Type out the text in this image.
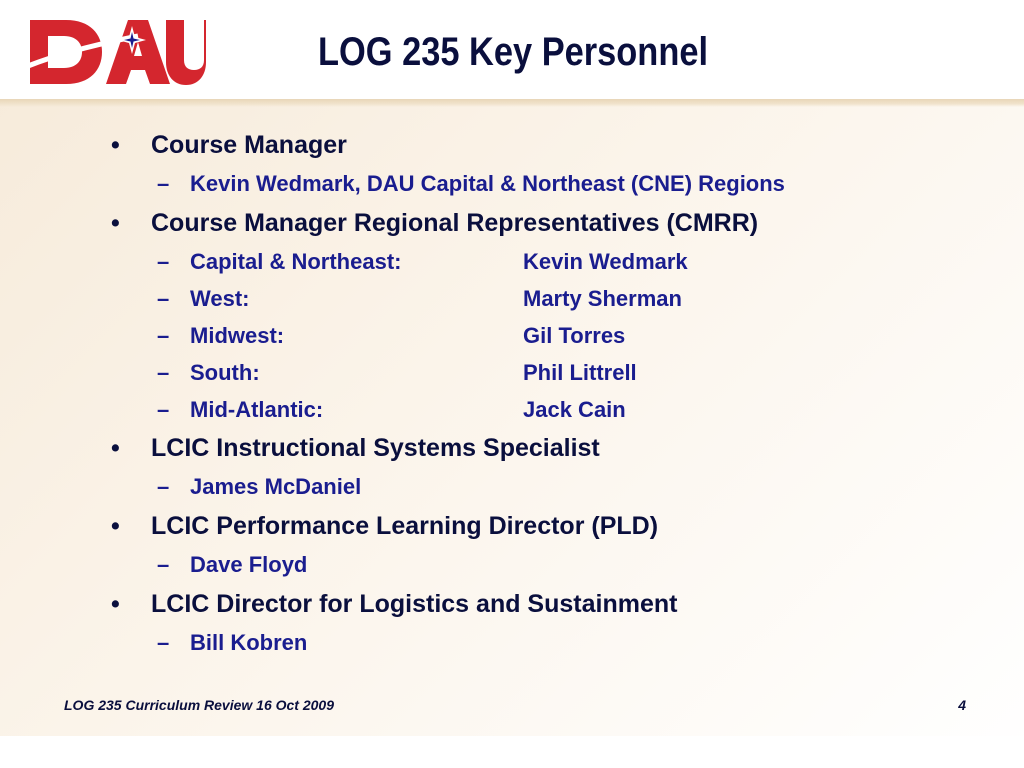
LOG 235 Key Personnel
• Course Manager
– Kevin Wedmark, DAU Capital & Northeast (CNE) Regions
• Course Manager Regional Representatives (CMRR)
– Capital & Northeast:	Kevin Wedmark
– West:	Marty Sherman
– Midwest:	Gil Torres
– South:	Phil Littrell
– Mid-Atlantic:	Jack Cain
• LCIC Instructional Systems Specialist
– James McDaniel
• LCIC Performance Learning Director (PLD)
– Dave Floyd
• LCIC Director for Logistics and Sustainment
– Bill Kobren
LOG 235 Curriculum Review 16 Oct 2009	4
